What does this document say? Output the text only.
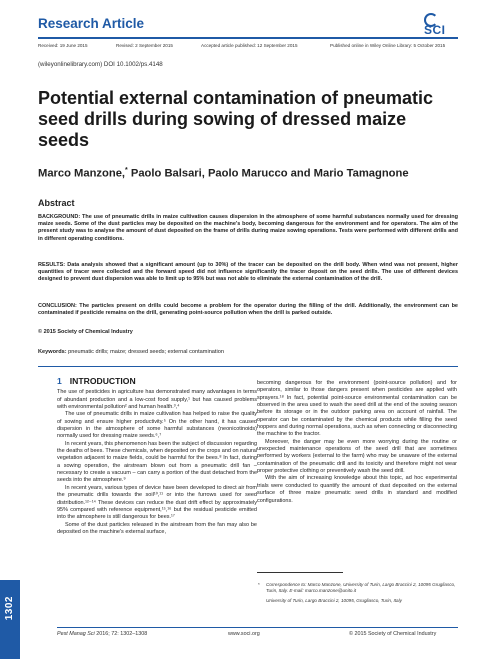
Research Article	SCI
Received: 19 June 2015	Revised: 2 September 2015	Accepted article published: 12 September 2015	Published online in Wiley Online Library: 5 October 2015
(wileyonlinelibrary.com) DOI 10.1002/ps.4148
Potential external contamination of pneumatic seed drills during sowing of dressed maize seeds
Marco Manzone,* Paolo Balsari, Paolo Marucco and Mario Tamagnone
Abstract
BACKGROUND: The use of pneumatic drills in maize cultivation causes dispersion in the atmosphere of some harmful substances normally used for dressing maize seeds. Some of the dust particles may be deposited on the machine's body, becoming dangerous for the environment and for operators. The aim of the present study was to analyse the amount of dust deposited on the frame of drills during maize sowing operations. Tests were performed with different drills and in different operating conditions.
RESULTS: Data analysis showed that a significant amount (up to 30%) of the tracer can be deposited on the drill body. When wind was not present, higher quantities of tracer were collected and the forward speed did not influence significantly the tracer deposit on the seed drills. The use of different devices designed to prevent dust dispersion was able to limit up to 95% but was not able to eliminate the external contamination of the drill.
CONCLUSION: The particles present on drills could become a problem for the operator during the filling of the drill. Additionally, the environment can be contaminated if pesticide remains on the drill, generating point-source pollution when the drill is parked outside.
© 2015 Society of Chemical Industry
Keywords: pneumatic drills; maize; dressed seeds; external contamination
1 INTRODUCTION

The use of pesticides in agriculture has demonstrated many advantages in terms of abundant production and a low-cost food supply,¹ but has caused problems with environmental pollution² and human health.³,⁴

The use of pneumatic drills in maize cultivation has helped to raise the quality of sowing and ensure higher productivity.⁵ On the other hand, it has caused dispersion in the atmosphere of some harmful substances (neonicotinoids) normally used for dressing maize seeds.⁶,⁷

In recent years, this phenomenon has been the subject of discussion regarding the deaths of bees. These chemicals, when deposited on the crops and on natural vegetation adjacent to maize fields, could be harmful for the bees.⁸ In fact, during a sowing operation, the airstream blown out from a pneumatic drill fan – necessary to create a vacuum – can carry a portion of the dust detached from the seeds into the atmosphere.⁹

In recent years, various types of device have been developed to direct air from the pneumatic drills towards the soil¹⁰,¹¹ or into the furrows used for seed distribution.¹²⁻¹⁴ These devices can reduce the dust drift effect by approximately 95% compared with reference equipment,¹⁵,¹⁶ but the residual pesticide emitted into the atmosphere is still dangerous for bees.¹⁷

Some of the dust particles released in the airstream from the fan may also be deposited on the machine's external surface,

becoming dangerous for the environment (point-source pollution) and for operators, similar to those dangers present when pesticides are applied with sprayers.¹⁸ In fact, potential point-source environmental contamination can be observed in the area used to wash the seed drill at the end of the sowing season before its storage or in the outdoor parking area on account of rainfall. The operator can be contaminated by the chemical products while filling the seed hoppers and during normal operations, such as when connecting or disconnecting the machine to the tractor.

Moreover, the danger may be even more worrying during the routine or unexpected maintenance operations of the seed drill that are sometimes performed by workers (external to the farm) who may be unaware of the external contamination of the pneumatic drill and its toxicity and therefore might not wear proper protective clothing or preventively wash the seed drill.

With the aim of increasing knowledge about this topic, ad hoc experimental trials were conducted to quantify the amount of dust deposited on the external surface of three maize pneumatic seed drills in standard and modified configurations.

* Correspondence to: Marco Manzone, University of Turin, Largo Braccini 2, 10095 Grugliasco, Turin, Italy. E-mail: marco.manzone@unito.it
University of Turin, Largo Braccini 2, 10095, Grugliasco, Turin, Italy
1302
Pest Manag Sci 2016; 72: 1302–1308	www.soci.org	© 2015 Society of Chemical Industry
